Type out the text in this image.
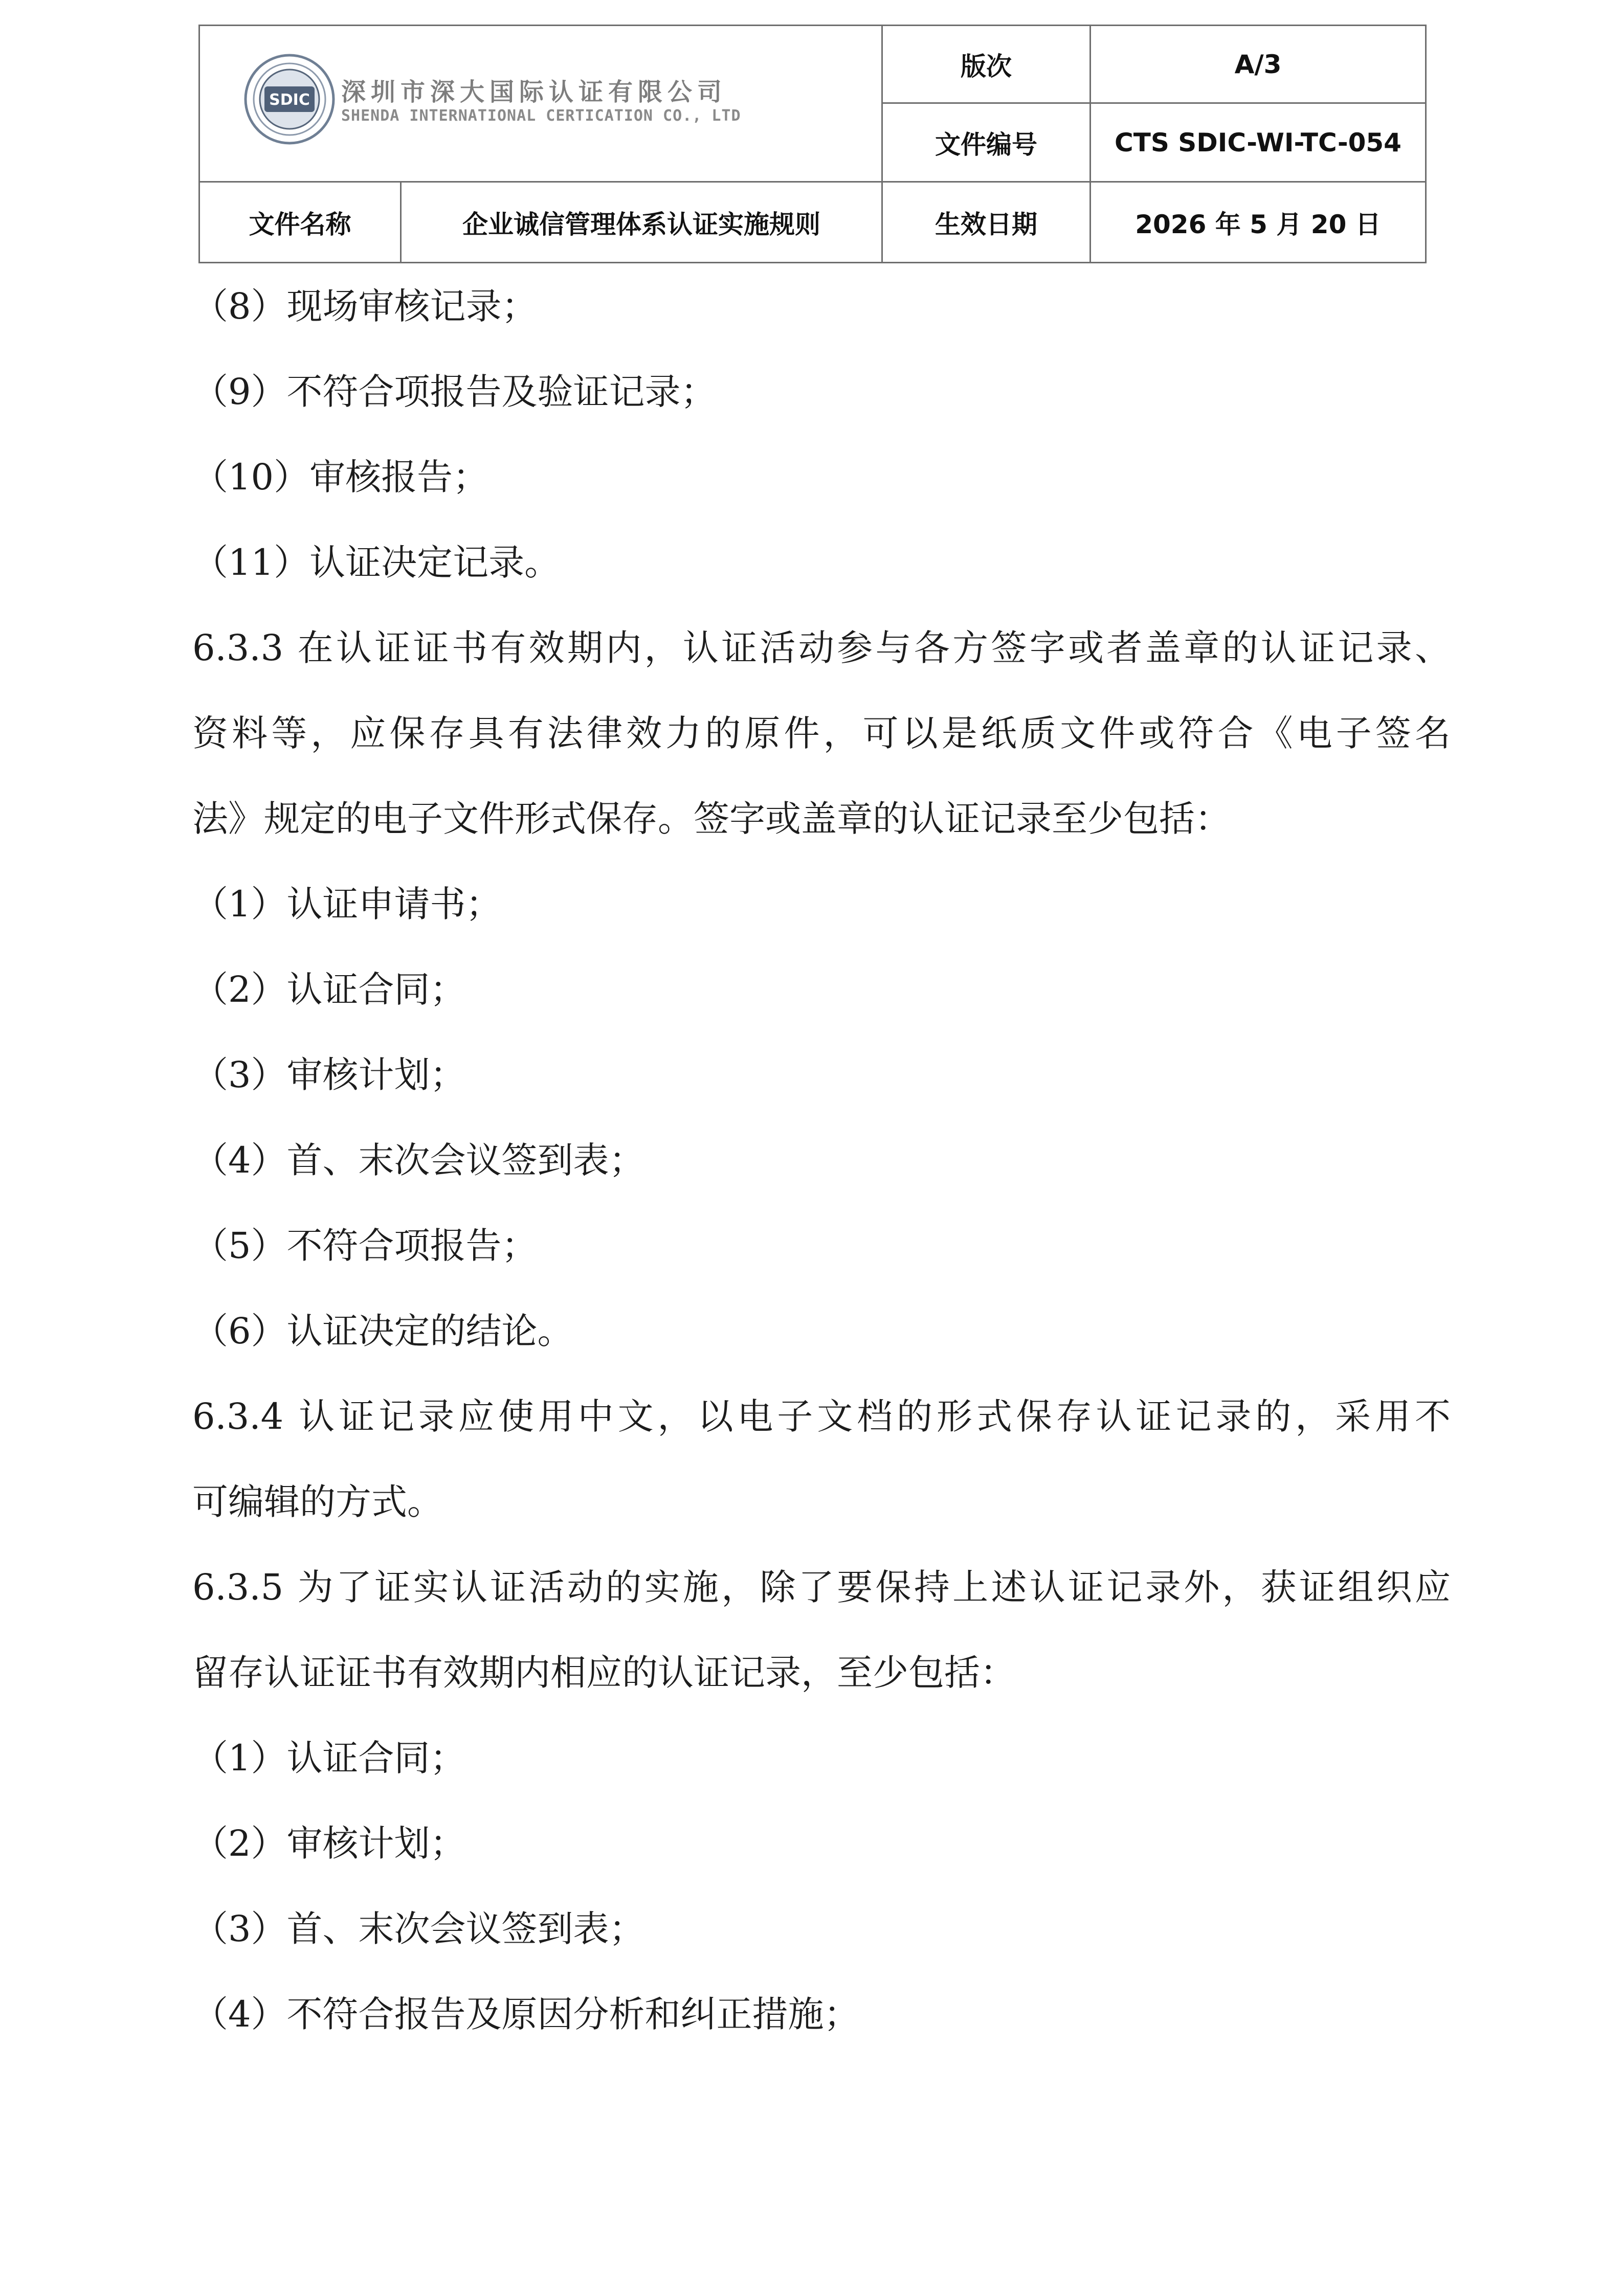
SDIC 深圳市深大国际认证有限公司
SHENDA INTERNATIONAL CERTICATION CO., LTD		版次	A/3
		文件编号	CTS SDIC-WI-TC-054
文件名称	企业诚信管理体系认证实施规则	生效日期	2026 年 5 月 20 日
（8）现场审核记录；
（9）不符合项报告及验证记录；
（10）审核报告；
（11）认证决定记录。
6.3.3 在认证证书有效期内，认证活动参与各方签字或者盖章的认证记录、
资料等，应保存具有法律效力的原件，可以是纸质文件或符合《电子签名
法》规定的电子文件形式保存。签字或盖章的认证记录至少包括：
（1）认证申请书；
（2）认证合同；
（3）审核计划；
（4）首、末次会议签到表；
（5）不符合项报告；
（6）认证决定的结论。
6.3.4 认证记录应使用中文，以电子文档的形式保存认证记录的，采用不
可编辑的方式。
6.3.5 为了证实认证活动的实施，除了要保持上述认证记录外，获证组织应
留存认证证书有效期内相应的认证记录，至少包括：
（1）认证合同；
（2）审核计划；
（3）首、末次会议签到表；
（4）不符合报告及原因分析和纠正措施；
